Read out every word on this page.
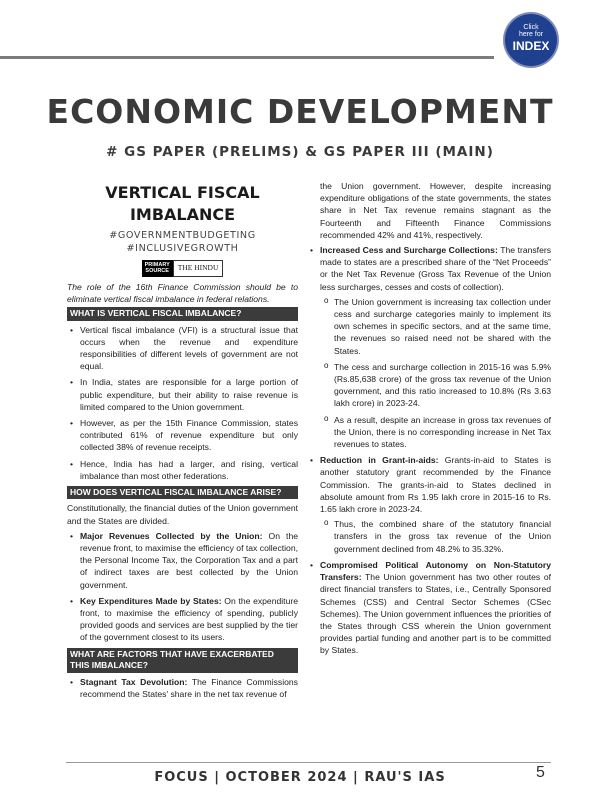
Click
here for
INDEX
ECONOMIC DEVELOPMENT
# GS PAPER (PRELIMS) & GS PAPER III (MAIN)
VERTICAL FISCAL
IMBALANCE
#GOVERNMENTBUDGETING #INCLUSIVEGROWTH
PRIMARY
SOURCE	THE HINDU

The role of the 16th Finance Commission should be to eliminate vertical fiscal imbalance in federal relations.

WHAT IS VERTICAL FISCAL IMBALANCE?
• Vertical fiscal imbalance (VFI) is a structural issue that occurs when the revenue and expenditure responsibilities of different levels of government are not equal.
• In India, states are responsible for a large portion of public expenditure, but their ability to raise revenue is limited compared to the Union government.
• However, as per the 15th Finance Commission, states contributed 61% of revenue expenditure but only collected 38% of revenue receipts.
• Hence, India has had a larger, and rising, vertical imbalance than most other federations.
HOW DOES VERTICAL FISCAL IMBALANCE ARISE?

Constitutionally, the financial duties of the Union government and the States are divided.

• Major Revenues Collected by the Union: On the revenue front, to maximise the efficiency of tax collection, the Personal Income Tax, the Corporation Tax and a part of indirect taxes are best collected by the Union government.
• Key Expenditures Made by States: On the expenditure front, to maximise the efficiency of spending, publicly provided goods and services are best supplied by the tier of the government closest to its users.
WHAT ARE FACTORS THAT HAVE EXACERBATED THIS IMBALANCE?
• Stagnant Tax Devolution: The Finance Commissions recommend the States' share in the net tax revenue of

the Union government. However, despite increasing expenditure obligations of the state governments, the states share in Net Tax revenue remains stagnant as the Fourteenth and Fifteenth Finance Commissions recommended 42% and 41%, respectively.

• Increased Cess and Surcharge Collections: The transfers made to states are a prescribed share of the “Net Proceeds” or the Net Tax Revenue (Gross Tax Revenue of the Union less surcharges, cesses and costs of collection).
o The Union government is increasing tax collection under cess and surcharge categories mainly to implement its own schemes in specific sectors, and at the same time, the revenues so raised need not be shared with the States.
o The cess and surcharge collection in 2015-16 was 5.9% (Rs.85,638 crore) of the gross tax revenue of the Union government, and this ratio increased to 10.8% (Rs 3.63 lakh crore) in 2023-24.
o As a result, despite an increase in gross tax revenues of the Union, there is no corresponding increase in Net Tax revenues to states.
• Reduction in Grant-in-aids: Grants-in-aid to States is another statutory grant recommended by the Finance Commission. The grants-in-aid to States declined in absolute amount from Rs 1.95 lakh crore in 2015-16 to Rs. 1.65 lakh crore in 2023-24.
o Thus, the combined share of the statutory financial transfers in the gross tax revenue of the Union government declined from 48.2% to 35.32%.
• Compromised Political Autonomy on Non-Statutory Transfers: The Union government has two other routes of direct financial transfers to States, i.e., Centrally Sponsored Schemes (CSS) and Central Sector Schemes (CSec Schemes). The Union government influences the priorities of the States through CSS wherein the Union government provides partial funding and another part is to be committed by States.
FOCUS | OCTOBER 2024 | RAU'S IAS	5
